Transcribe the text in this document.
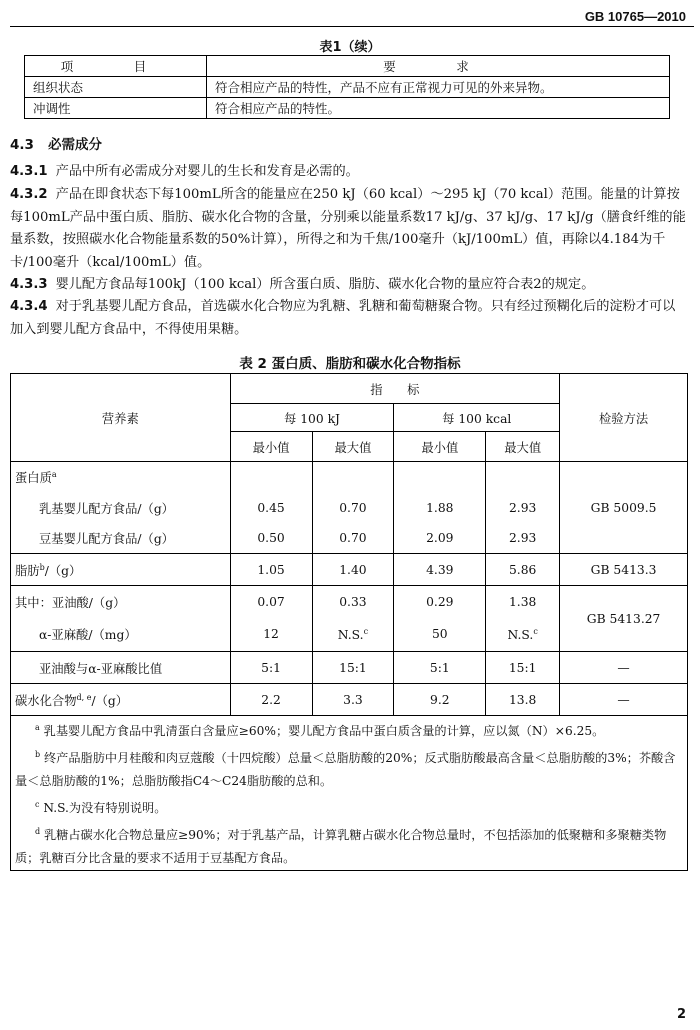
GB 10765—2010
表1（续）
项　目	要　求
组织状态	符合相应产品的特性，产品不应有正常视力可见的外来异物。
冲调性	符合相应产品的特性。
4.3 必需成分
4.3.1 产品中所有必需成分对婴儿的生长和发育是必需的。
4.3.2 产品在即食状态下每100mL所含的能量应在250 kJ（60 kcal）～295 kJ（70 kcal）范围。能量的计算按每100mL产品中蛋白质、脂肪、碳水化合物的含量，分别乘以能量系数17 kJ/g、37 kJ/g、17 kJ/g（膳食纤维的能量系数，按照碳水化合物能量系数的50%计算），所得之和为千焦/100毫升（kJ/100mL）值，再除以4.184为千卡/100毫升（kcal/100mL）值。
4.3.3 婴儿配方食品每100kJ（100 kcal）所含蛋白质、脂肪、碳水化合物的量应符合表2的规定。
4.3.4 对于乳基婴儿配方食品，首选碳水化合物应为乳糖、乳糖和葡萄糖聚合物。只有经过预糊化后的淀粉才可以加入到婴儿配方食品中，不得使用果糖。
表 2 蛋白质、脂肪和碳水化合物指标
营养素	指　　标				检验方法
	每 100 kJ		每 100 kcal		
	最小值	最大值	最小值	最大值	
蛋白质$^a$					GB 5009.5
乳基婴儿配方食品/（g）	0.45	0.70	1.88	2.93	
豆基婴儿配方食品/（g）	0.50	0.70	2.09	2.93	
脂肪$^b$/（g）	1.05	1.40	4.39	5.86	GB 5413.3
其中：亚油酸/（g）	0.07	0.33	0.29	1.38	GB 5413.27
α-亚麻酸/（mg）	12	N.S.$^c$	50	N.S.$^c$
亚油酸与α-亚麻酸比值	5:1	15:1	5:1	15:1	—
碳水化合物$^{d, e}$/（g）	2.2	3.3	9.2	13.8	—

$^a$ 乳基婴儿配方食品中乳清蛋白含量应≥60%；婴儿配方食品中蛋白质含量的计算，应以氮（N）×6.25。
$^b$ 终产品脂肪中月桂酸和肉豆蔻酸（十四烷酸）总量＜总脂肪酸的20%；反式脂肪酸最高含量＜总脂肪酸的3%；芥酸含量＜总脂肪酸的1%；总脂肪酸指C4～C24脂肪酸的总和。
$^c$ N.S.为没有特别说明。
$^d$ 乳糖占碳水化合物总量应≥90%；对于乳基产品，计算乳糖占碳水化合物总量时，不包括添加的低聚糖和多聚糖类物质；乳糖百分比含量的要求不适用于豆基配方食品。					
2
